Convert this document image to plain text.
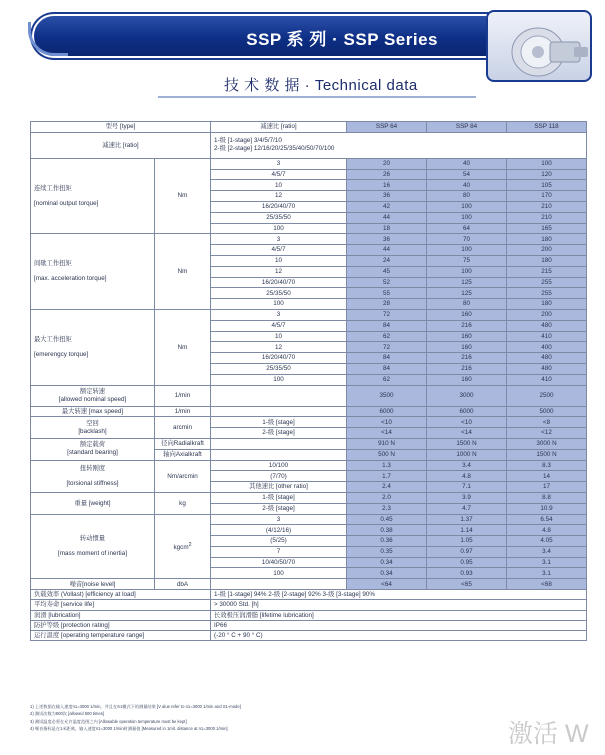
SSP 系 列 · SSP Series
技 术 数 据 · Technical data
型号 [type]		减速比 [ratio]	SSP 64	SSP 84	SSP 118
减速比 [ratio]		1-级 [1-stage] 3/4/5/7/10
2-级 [2-stage] 12/16/20/25/35/40/50/70/100			

连续工作扭矩

[nominal output torque]	Nm	3	20	40	100
		4/5/7	26	54	120
		10	16	40	105
		12	36	80	170
		16/20/40/70	42	100	210
		25/35/50	44	100	210
		100	18	64	165

间歇工作扭矩

[max. acceleration torque]	Nm	3	36	70	180
		4/5/7	44	100	200
		10	24	75	180
		12	45	100	215
		16/20/40/70	52	125	255
		25/35/50	55	125	255
		100	28	80	180

最大工作扭矩

[emerengcy torque]	Nm	3	72	160	200
		4/5/7	84	216	480
		10	62	160	410
		12	72	160	400
		16/20/40/70	84	216	480
		25/35/50	84	216	480
		100	62	160	410

额定转速
[allowed nominal speed]	1/min		3500	3000	2500
最大转速 [max speed]	1/min		6000	6000	5000

空回
[backlash]	arcmin	1-级 [stage]	<10	<10	<8
		2-级 [stage]	<14	<14	<12

额定载荷
[standard bearing]	径向Radialkraft		910 N	1500 N	3000 N
	轴向Axialkraft		500 N	1000 N	1500 N

扭转刚度

[torsional stiffness]	Nm/arcmin	10/100	1.3	3.4	8.3
		(7/70)	1.7	4.8	14
		其他速比 [other ratio]	2.4	7.1	17
重量 [weight]	kg	1-级 [stage]	2.0	3.9	8.8
		2-级 [stage]	2.3	4.7	10.9

转动惯量

[mass moment of inertia]	kgcm$^2$	3	0.45	1.37	6.54
		(4/12/16)	0.38	1.14	4.8
		(5/25)	0.36	1.05	4.05
		7	0.35	0.97	3.4
		10/40/50/70	0.34	0.95	3.1
		100	0.34	0.93	3.1
噪音[noise level]	dbA		<64	<65	<68
负载效率 (Vollast) [efficiency at load]		1-级 [1-stage] 94% 2-级 [2-stage] 92% 3-级 [3-stage] 90%			
平均寿命 [service life]		> 30000 Std. [h]			
润滑 [lubrication]		长效极压润滑脂 [lifetime lubrication]			
防护等级 [protection rating]		IP66			
运行温度 [operating temperature range]		(-20 ° C + 90 ° C)			
1) 上述数据在输入速度n1=3000 1/min，并且在S1模式下的测量结果 [V alue refer to n1=3000 1/min and S1-mode]
2) 测试次数为500次 [allowed 500 times]
3) 测试温度必须在允许温度范围之内 [Allowable operation temperature must be kept]
4) 噪音指标是在1米距离，输入速度n1=3000 1/min时测量值 [Measured in 1mit. distance at n1=3000 1/min]	激活 W
